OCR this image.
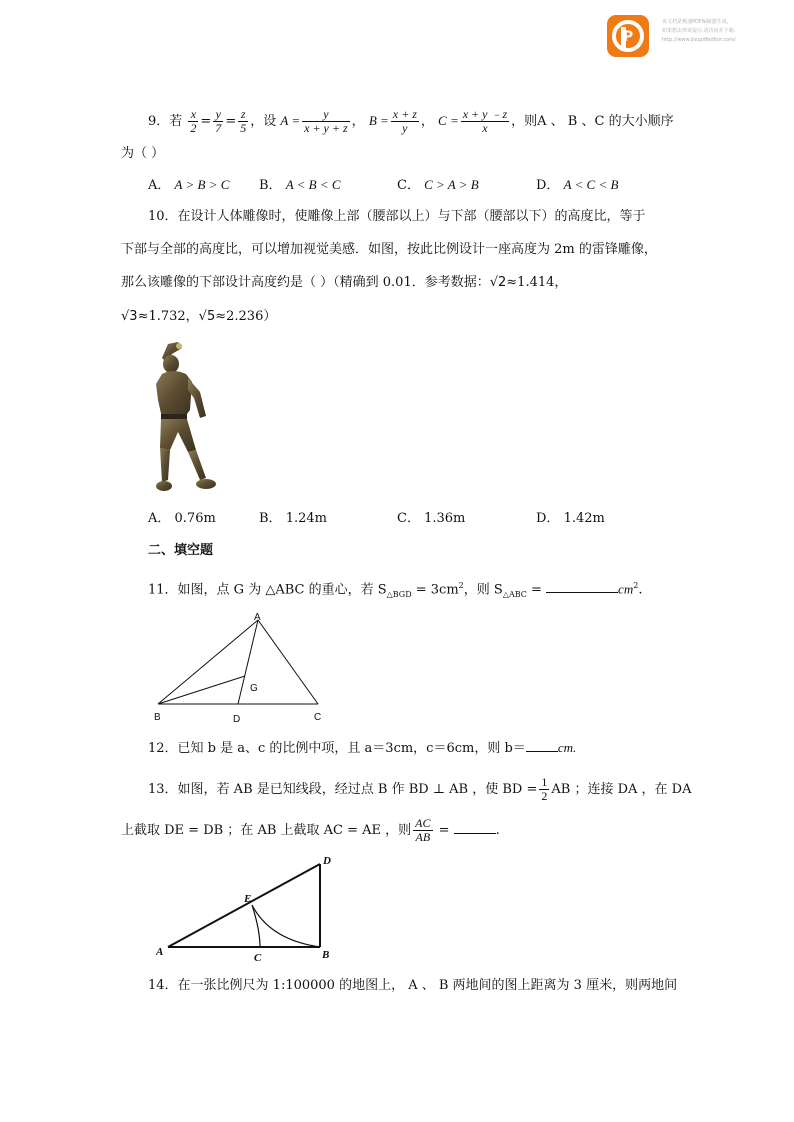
P
该文档是极速PDF编辑器生成,
如果想去掉该提示,请访问并下载:
http://www.jisupdfeditor.com/
9．若 $\frac{x}{2} = \frac{y}{7} = \frac{z}{5}$ ，设 $A = \frac{y}{x + y + z}$ ， $B = \frac{x + z}{y}$ ， $C = \frac{x + y ﹣z}{x}$ ，则A 、 B 、C 的大小顺序
为（ ）
A． A > B > C B． A < B < C	C． C > A > B	D． A < C < B
10．在设计人体雕像时，使雕像上部（腰部以上）与下部（腰部以下）的高度比，等于
下部与全部的高度比，可以增加视觉美感．如图，按此比例设计一座高度为 2m 的雷锋雕像，
那么该雕像的下部设计高度约是（ ）（精确到 0.01．参考数据：√2≈1.414，
√3≈1.732，√5≈2.236）
A． 0.76m	B． 1.24m	C． 1.36m	D． 1.42m
二、填空题
11．如图，点 G 为 △ABC 的重心，若 $S_{\triangle BGD} = 3cm^2$，则 $S_{\triangle ABC}$ =	$cm^2$.
A
B	C
D
G
12．已知 b 是 a、c 的比例中项，且 a＝3cm，c＝6cm，则 b＝ cm.
13．如图，若 AB 是已知线段，经过点 B 作 BD ⊥ AB ，使 BD = $\frac{1}{2}$ AB ；连接 DA ，在 DA
上截取 DE = DB ；在 AB 上截取 AC = AE ，则 $\frac{AC}{AB}$ =	.
A	B
C
D
E
14．在一张比例尺为 1:100000 的地图上， A 、 B 两地间的图上距离为 3 厘米，则两地间
